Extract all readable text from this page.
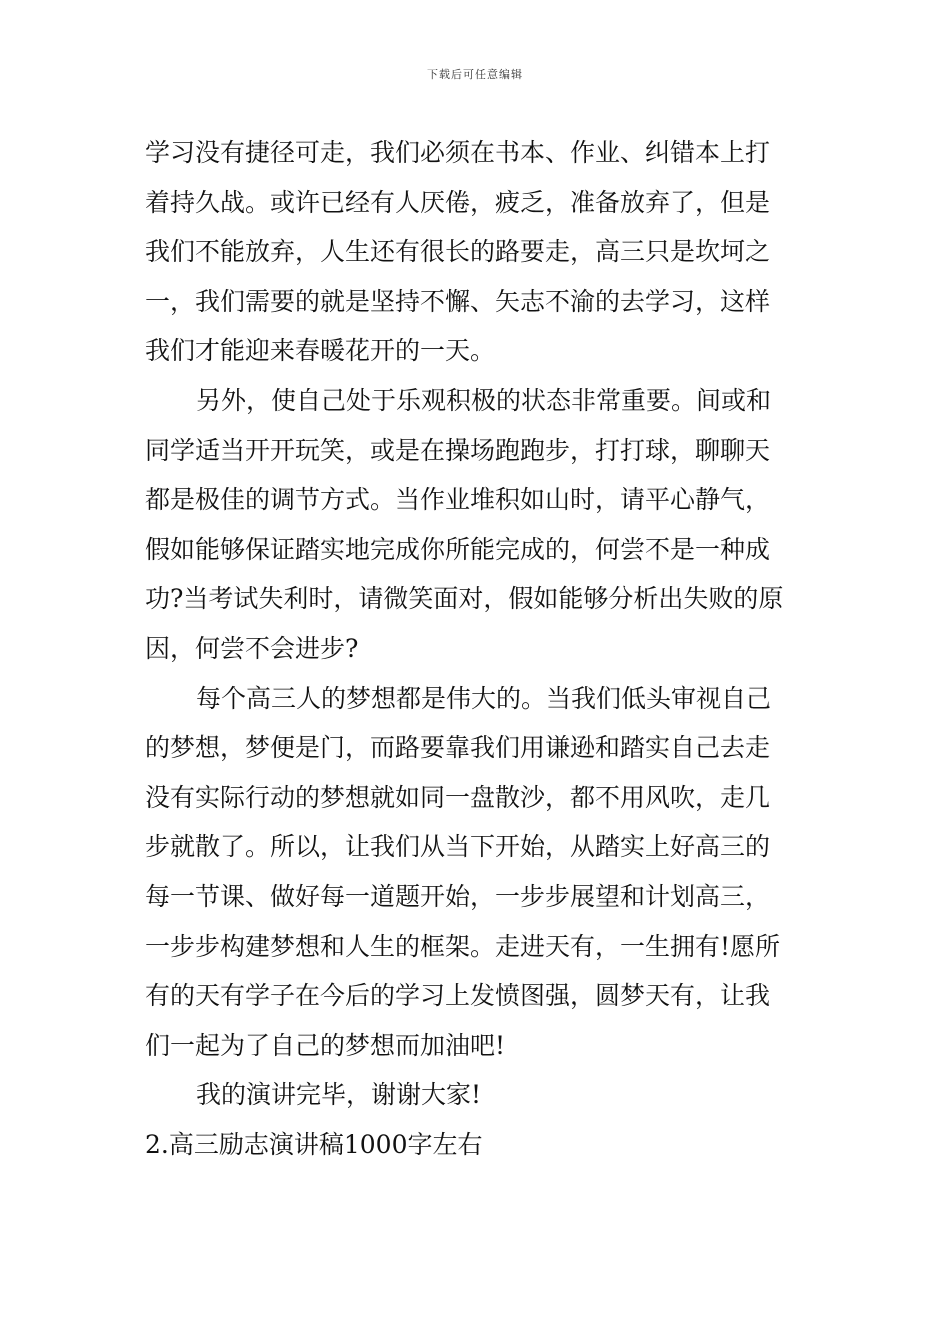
下载后可任意编辑
学习没有捷径可走，我们必须在书本、作业、纠错本上打
着持久战。或许已经有人厌倦，疲乏，准备放弃了，但是
我们不能放弃，人生还有很长的路要走，高三只是坎坷之
一，我们需要的就是坚持不懈、矢志不渝的去学习，这样
我们才能迎来春暖花开的一天。
另外，使自己处于乐观积极的状态非常重要。间或和
同学适当开开玩笑，或是在操场跑跑步，打打球，聊聊天
都是极佳的调节方式。当作业堆积如山时，请平心静气，
假如能够保证踏实地完成你所能完成的，何尝不是一种成
功?当考试失利时，请微笑面对，假如能够分析出失败的原
因，何尝不会进步?
每个高三人的梦想都是伟大的。当我们低头审视自己
的梦想，梦便是门，而路要靠我们用谦逊和踏实自己去走
没有实际行动的梦想就如同一盘散沙，都不用风吹，走几
步就散了。所以，让我们从当下开始，从踏实上好高三的
每一节课、做好每一道题开始，一步步展望和计划高三，
一步步构建梦想和人生的框架。走进天有，一生拥有!愿所
有的天有学子在今后的学习上发愤图强，圆梦天有，让我
们一起为了自己的梦想而加油吧!
我的演讲完毕，谢谢大家!
2.高三励志演讲稿1000字左右
